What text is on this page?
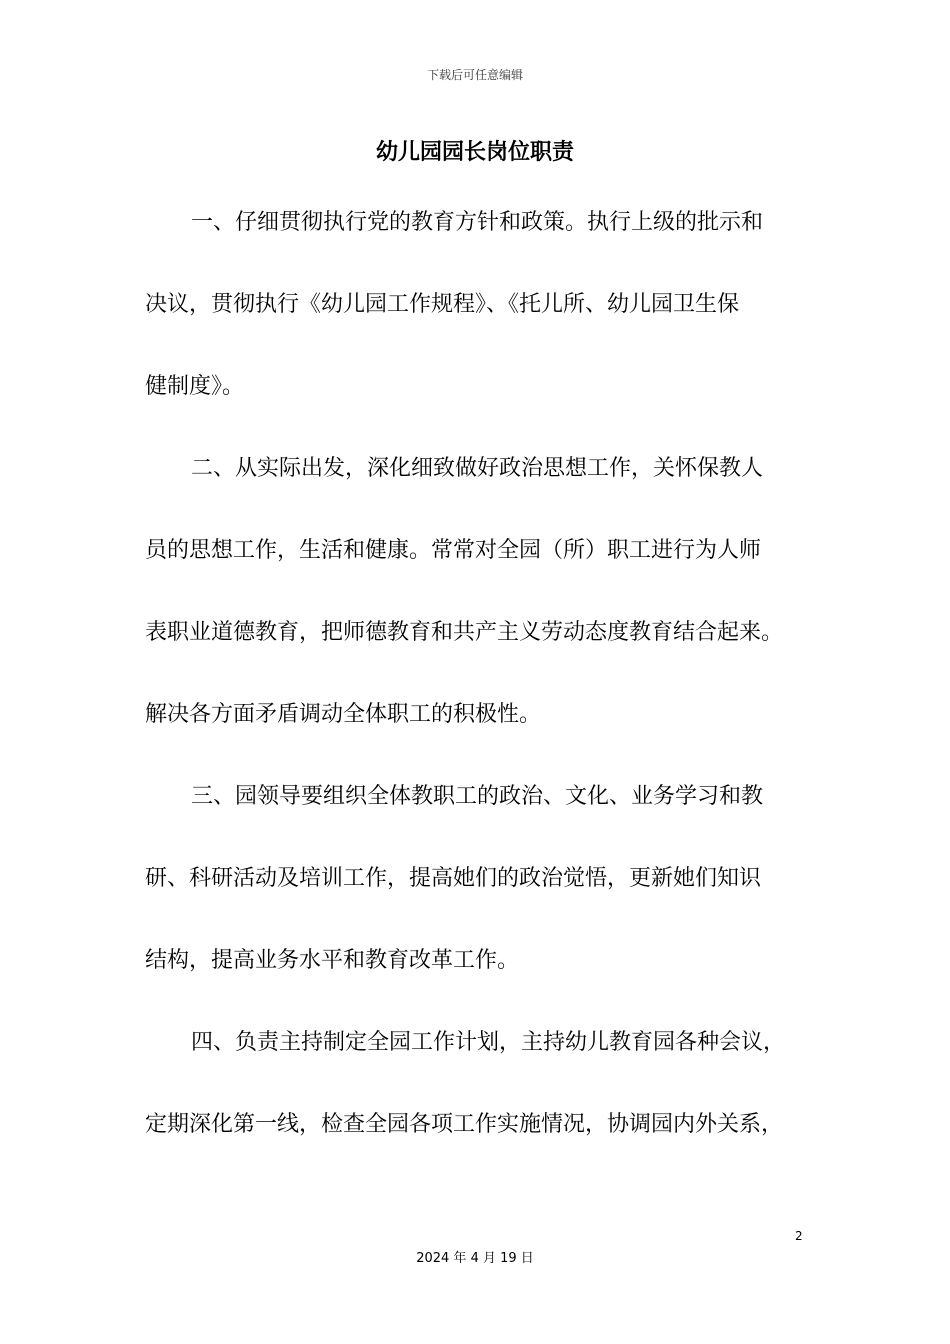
下载后可任意编辑
幼儿园园长岗位职责
一、仔细贯彻执行党的教育方针和政策。执行上级的批示和
决议，贯彻执行《幼儿园工作规程》、《托儿所、幼儿园卫生保
健制度》。
二、从实际出发，深化细致做好政治思想工作，关怀保教人
员的思想工作，生活和健康。常常对全园（所）职工进行为人师
表职业道德教育，把师德教育和共产主义劳动态度教育结合起来。
解决各方面矛盾调动全体职工的积极性。
三、园领导要组织全体教职工的政治、文化、业务学习和教
研、科研活动及培训工作，提高她们的政治觉悟，更新她们知识
结构，提高业务水平和教育改革工作。
四、负责主持制定全园工作计划，主持幼儿教育园各种会议，
定期深化第一线，检查全园各项工作实施情况，协调园内外关系，
2
2024 年 4 月 19 日
